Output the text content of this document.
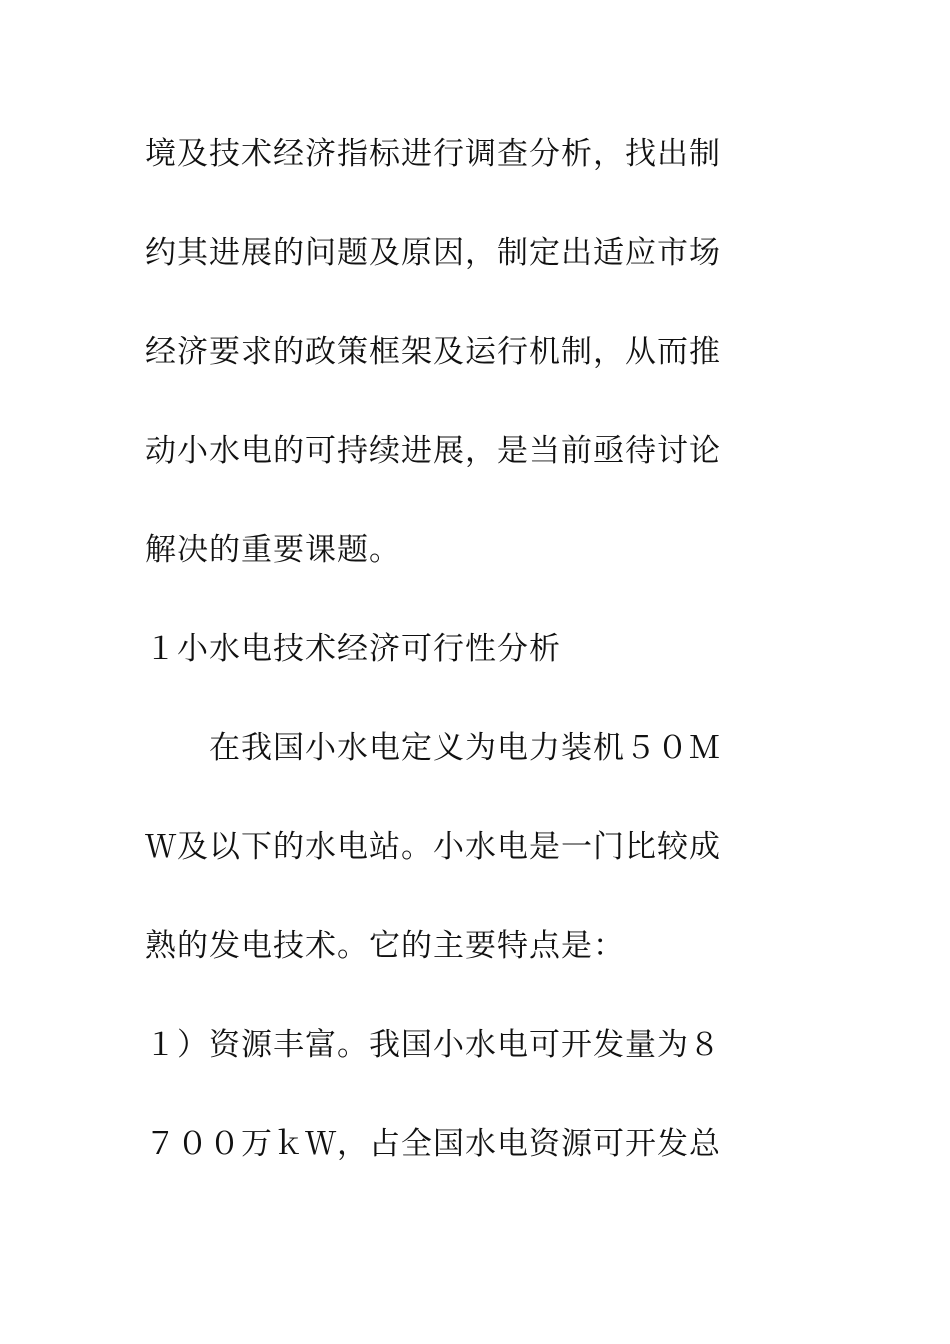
境及技术经济指标进行调查分析，找出制
约其进展的问题及原因，制定出适应市场
经济要求的政策框架及运行机制，从而推
动小水电的可持续进展，是当前亟待讨论
解决的重要课题。
１小水电技术经济可行性分析
　　在我国小水电定义为电力装机５０Ｍ
Ｗ及以下的水电站。小水电是一门比较成
熟的发电技术。它的主要特点是：
１）资源丰富。我国小水电可开发量为８
７００万ｋＷ，占全国水电资源可开发总
